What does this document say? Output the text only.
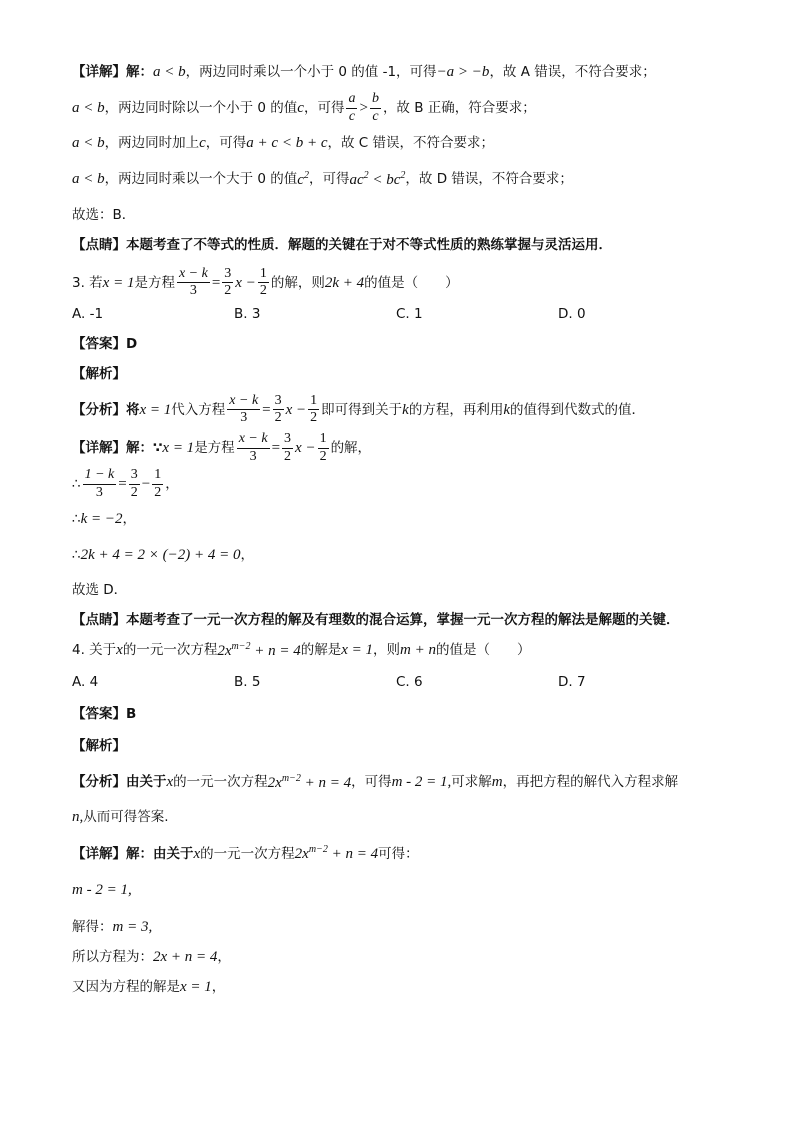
【详解】解： a < b ，两边同时乘以一个小于 0 的值 -1，可得 −a > −b ，故 A 错误，不符合要求；

a < b ，两边同时除以一个小于 0 的值 c ，可得 $\frac{a}{c} > \frac{b}{c}$ ，故 B 正确，符合要求；

a < b ，两边同时加上 c ，可得 a + c < b + c ，故 C 错误，不符合要求；

a < b ，两边同时乘以一个大于 0 的值 $c^2$ ，可得 $ac^2 < bc^2$ ，故 D 错误，不符合要求；

故选：B．

【点睛】本题考查了不等式的性质．解题的关键在于对不等式性质的熟练掌握与灵活运用．

3. 若 x = 1 是方程 $\frac{x - k}{3} = \frac{3}{2}$ $x - \frac{1}{2}$ 的解，则 2k + 4 的值是（　　）

A. -1	B. 3	C. 1	D. 0

【答案】D

【解析】

【分析】将 x = 1 代入方程 $\frac{x - k}{3} = \frac{3}{2}$ $x - \frac{1}{2}$ 即可得到关于 k 的方程，再利用 k 的值得到代数式的值．

【详解】解：∵ x = 1 是方程 $\frac{x - k}{3} = \frac{3}{2}$ $x - \frac{1}{2}$ 的解，

∴ $\frac{1 - k}{3} = \frac{3}{2} - \frac{1}{2}$ ，

∴ k = −2 ，

∴ 2k + 4 = 2 × (−2) + 4 = 0 ，

故选 D．

【点睛】本题考查了一元一次方程的解及有理数的混合运算，掌握一元一次方程的解法是解题的关键．

4. 关于 x 的一元一次方程 $2x^{m-2} + n = 4$ 的解是 x = 1 ，则 m + n 的值是（　　）

A. 4	B. 5	C. 6	D. 7

【答案】B

【解析】

【分析】由关于 x 的一元一次方程 $2x^{m-2} + n = 4$ ，可得 m - 2 = 1, 可求解 m ，再把方程的解代入方程求解

n, 从而可得答案.

【详解】解：由关于 x 的一元一次方程 $2x^{m-2} + n = 4$ 可得：

m - 2 = 1,

解得： m = 3,

所以方程为： 2x + n = 4 ，

又因为方程的解是 x = 1 ，
